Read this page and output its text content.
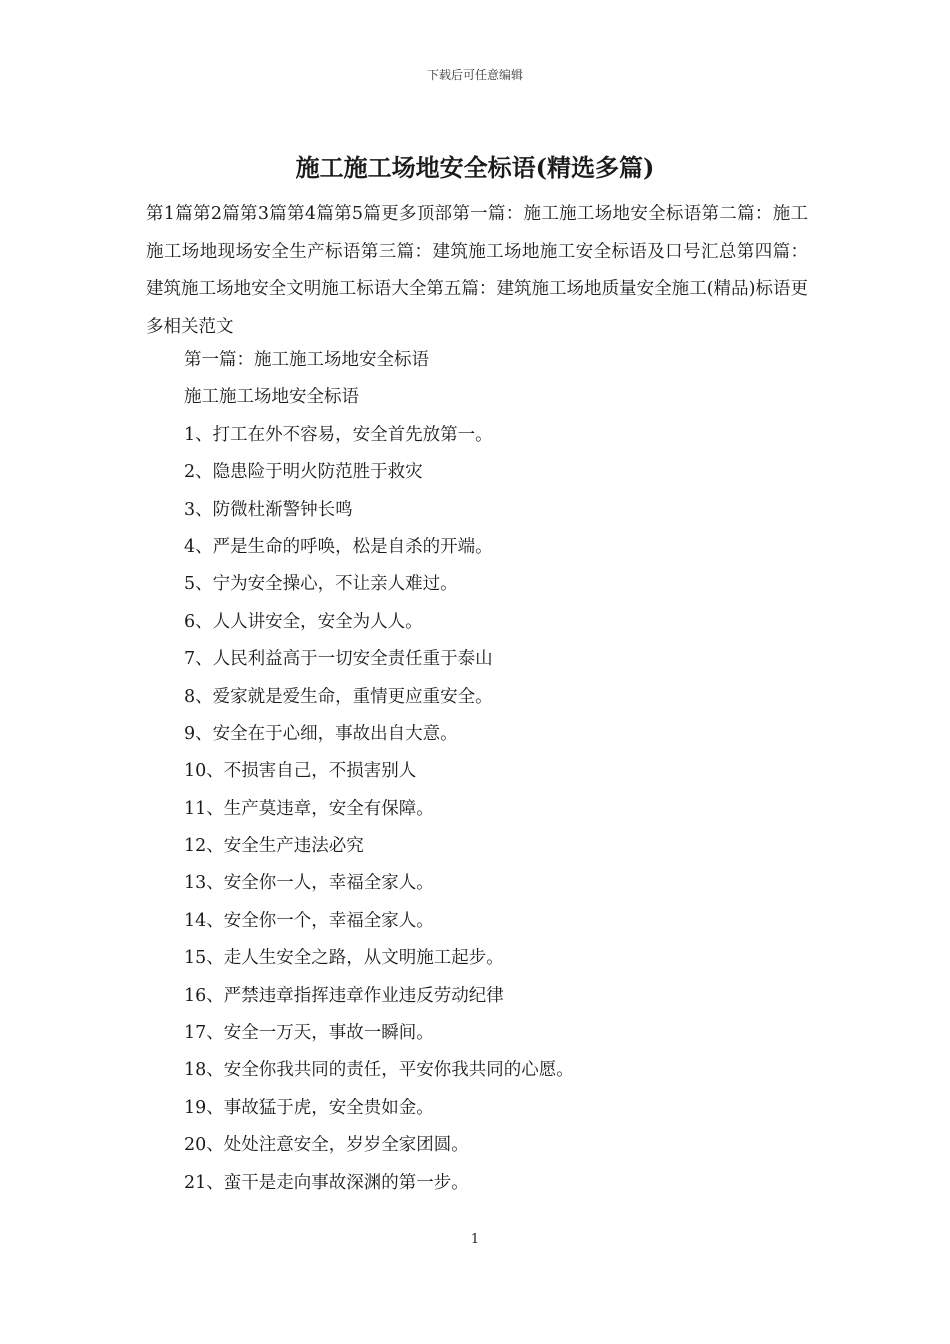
下载后可任意编辑
施工施工场地安全标语(精选多篇)

第1篇第2篇第3篇第4篇第5篇更多顶部第一篇：施工施工场地安全标语第二篇：施工施工场地现场安全生产标语第三篇：建筑施工场地施工安全标语及口号汇总第四篇：建筑施工场地安全文明施工标语大全第五篇：建筑施工场地质量安全施工(精品)标语更多相关范文

第一篇：施工施工场地安全标语
施工施工场地安全标语
1、打工在外不容易，安全首先放第一。
2、隐患险于明火防范胜于救灾
3、防微杜渐警钟长鸣
4、严是生命的呼唤，松是自杀的开端。
5、宁为安全操心，不让亲人难过。
6、人人讲安全，安全为人人。
7、人民利益高于一切安全责任重于泰山
8、爱家就是爱生命，重情更应重安全。
9、安全在于心细，事故出自大意。
10、不损害自己，不损害别人
11、生产莫违章，安全有保障。
12、安全生产违法必究
13、安全你一人，幸福全家人。
14、安全你一个，幸福全家人。
15、走人生安全之路，从文明施工起步。
16、严禁违章指挥违章作业违反劳动纪律
17、安全一万天，事故一瞬间。
18、安全你我共同的责任，平安你我共同的心愿。
19、事故猛于虎，安全贵如金。
20、处处注意安全，岁岁全家团圆。
21、蛮干是走向事故深渊的第一步。
1
